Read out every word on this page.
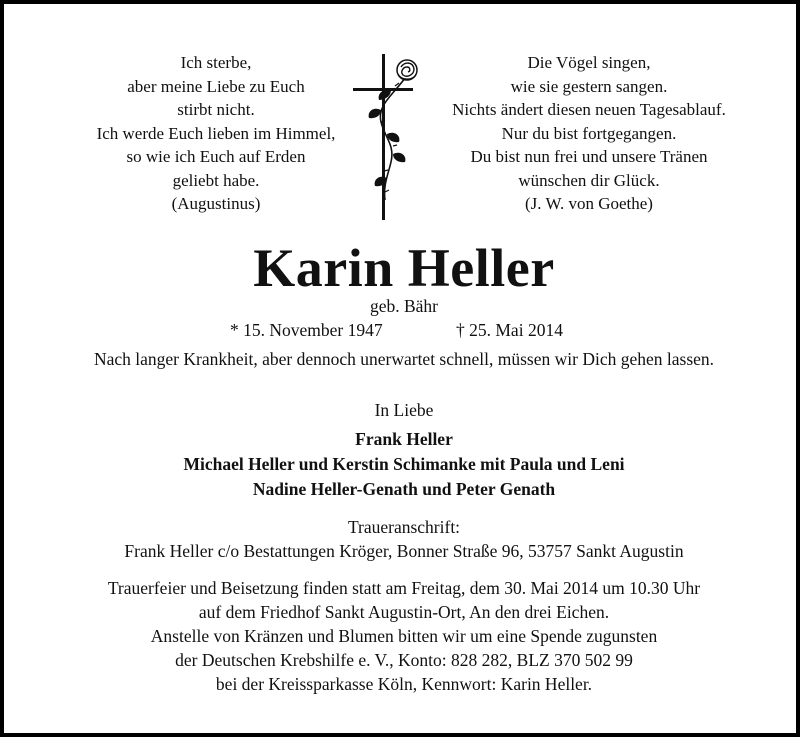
Ich sterbe,
aber meine Liebe zu Euch
stirbt nicht.
Ich werde Euch lieben im Himmel,
so wie ich Euch auf Erden
geliebt habe.
(Augustinus)
Die Vögel singen,
wie sie gestern sangen.
Nichts ändert diesen neuen Tagesablauf.
Nur du bist fortgegangen.
Du bist nun frei und unsere Tränen
wünschen dir Glück.
(J. W. von Goethe)
Karin Heller
geb. Bähr
* 15. November 1947	† 25. Mai 2014
Nach langer Krankheit, aber dennoch unerwartet schnell, müssen wir Dich gehen lassen.
In Liebe
Frank Heller
Michael Heller und Kerstin Schimanke mit Paula und Leni
Nadine Heller-Genath und Peter Genath
Traueranschrift:
Frank Heller c/o Bestattungen Kröger, Bonner Straße 96, 53757 Sankt Augustin
Trauerfeier und Beisetzung finden statt am Freitag, dem 30. Mai 2014 um 10.30 Uhr
auf dem Friedhof Sankt Augustin-Ort, An den drei Eichen.
Anstelle von Kränzen und Blumen bitten wir um eine Spende zugunsten
der Deutschen Krebshilfe e. V., Konto: 828 282, BLZ 370 502 99
bei der Kreissparkasse Köln, Kennwort: Karin Heller.
